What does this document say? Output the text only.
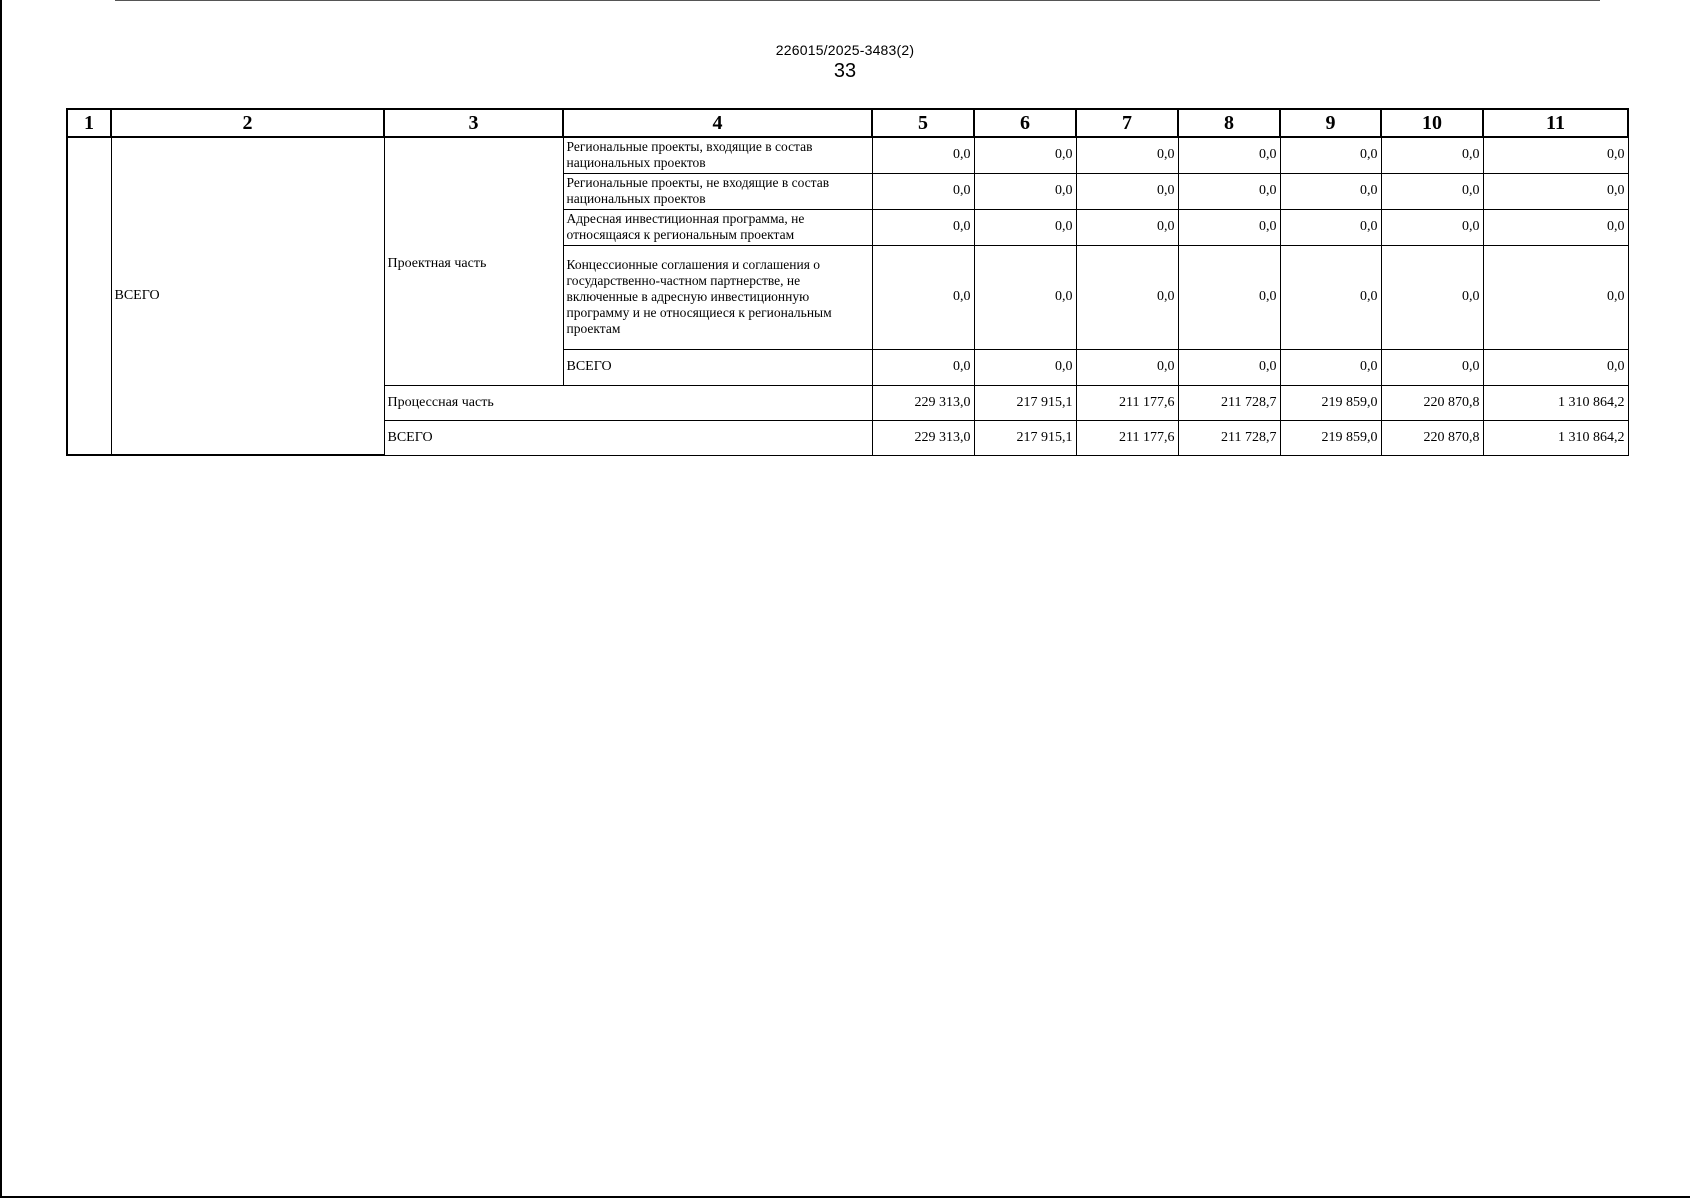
226015/2025-3483(2)
33
1	2	3	4	5	6	7	8	9	10	11
	ВСЕГО	Проектная часть	Региональные проекты, входящие в состав национальных проектов	0,0	0,0	0,0	0,0	0,0	0,0	0,0
			Региональные проекты, не входящие в состав национальных проектов	0,0	0,0	0,0	0,0	0,0	0,0	0,0
			Адресная инвестиционная программа, не относящаяся к региональным проектам	0,0	0,0	0,0	0,0	0,0	0,0	0,0
			Концессионные соглашения и соглашения о государственно-частном партнерстве, не включенные в адресную инвестиционную программу и не относящиеся к региональным проектам	0,0	0,0	0,0	0,0	0,0	0,0	0,0
			ВСЕГО	0,0	0,0	0,0	0,0	0,0	0,0	0,0
		Процессная часть		229 313,0	217 915,1	211 177,6	211 728,7	219 859,0	220 870,8	1 310 864,2
		ВСЕГО		229 313,0	217 915,1	211 177,6	211 728,7	219 859,0	220 870,8	1 310 864,2
